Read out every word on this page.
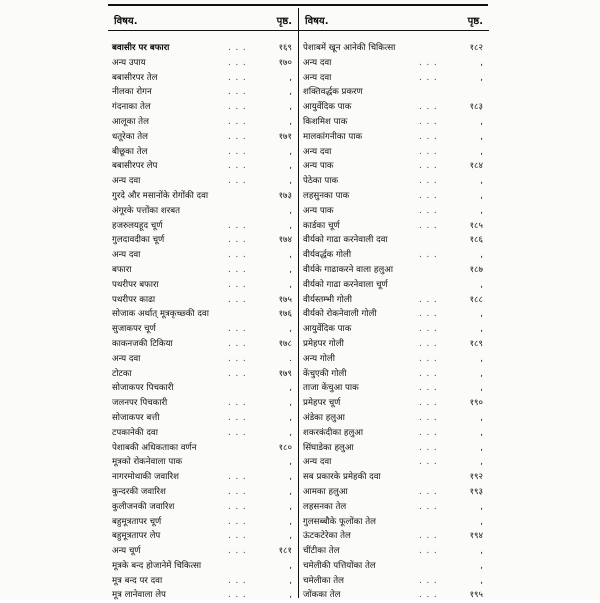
विषय.	पृष्ठ.
बवासीर पर बफारा	. . .	१६९
अन्य उपाय	. . .	१७०
बबासीरपर तेल	. . .	,
नीलका रोगन	. . .	,
गंदनाका तेल	. . .	,
आलूका तेल	. . .	,
धतूरेका तेल	. . .	१७१
बीछूका तेल	. . .	,
बबासीरपर लेप	. . .	,
अन्य दवा	. . .	,
गुरदे और मसानोंके रोगोंकी दवा	१७३
अंगूरके पत्तोंका शरबत	,
हजरुलयहूद चूर्ण	. . .	,
गुलदावदीका चूर्ण	. . .	१७४
अन्य दवा	. . .	,
बफारा	. . .	,
पथरीपर बफारा	. . .	,
पथरीपर काढा	. . .	१७५
सोजाक अर्थात् मूत्रकृच्छ्की दवा	१७६
सुजाकपर चूर्ण	. . .	,
काकनजकी टिकिया	. . .	१७८
अन्य दवा	. . .	.
टोटका	. . .	१७९
सोजाकपर पिचकारी	,
जलनपर पिचकारी	. . .	,
सोजाकपर बत्ती	. . .	,
टपकानेकी दवा	. . .	,
पेशाबकी अधिकताका वर्णन	१८०
मूत्रको रोकनेवाला पाक	,
नागरमोथाकी जवारिश	. . .	,
कुन्दरकी जवारिश	. . .	,
कुलीजनकी जवारिश	. . .	,
बहुमूत्रतापर चूर्ण	. . .	,
बहुमूत्रतापर लेप	. . .	,
अन्य चूर्ण	. . .	१८१
मूत्रके बन्द होजानेमें चिकित्सा	,
मूत्र बन्द पर दवा	. . .	,
मूत्र लानेवाला लेप	. . .	,
विषय.	पृष्ठ.
पेशाबमें खून आनेकी चिकित्सा	१८२
अन्य दवा	. . .	,
अन्य दवा	. . .	,
शक्तिवर्द्धक प्रकरण
आयुर्वेदिक पाक	. . .	१८३
किशमिश पाक	. . .	,
मालकांगनीका पाक	. . .	,
अन्य दवा	. . .	,
अन्य पाक	. . .	१८४
पेठेका पाक	. . .	,
लहसुनका पाक	. . .	,
अन्य पाक	. . .	,
कार्डका चूर्ण	. . .	१८५
वीर्यको गाढा करनेवाली दवा	१८६
वीर्यवर्द्धक गोली	. . .	,
वीर्यके गाढाकरने वाला हलुआ	१८७
वीर्यको गाढा करनेवाला चूर्ण	,
वीर्यस्तम्भी गोली	. . .	१८८
वीर्यको रोकनेवाली गोली	. . .	,
आयुर्वेदिक पाक	. . .	,
प्रमेहपर गोली	. . .	१८९
अन्य गोली	. . .	,
केंचुएकी गोली	. . .	,
ताजा केंचुआ पाक	. . .	,
प्रमेहपर चूर्ण	. . .	१९०
अंडेका हलुआ	. . .	,
शकरकंदीका हलुआ	. . .	,
सिंघाडेका हलुआ	. . .	,
अन्य दवा	. . .	,
सब प्रकारके प्रमेहकी दवा	१९२
आमका हलुआ	. . .	१९३
लहसनका तेल	. . .	,
गुलसब्बौके फूलोंका तेल	,
ऊंटकटेरेका तेल	. . .	१९४
चींटीका तेल	. . .	,
चमेलीकी पत्तियोंका तेल	,
चमेलीका तेल	. . .	,
जोंकका तेल	. . .	१९५
